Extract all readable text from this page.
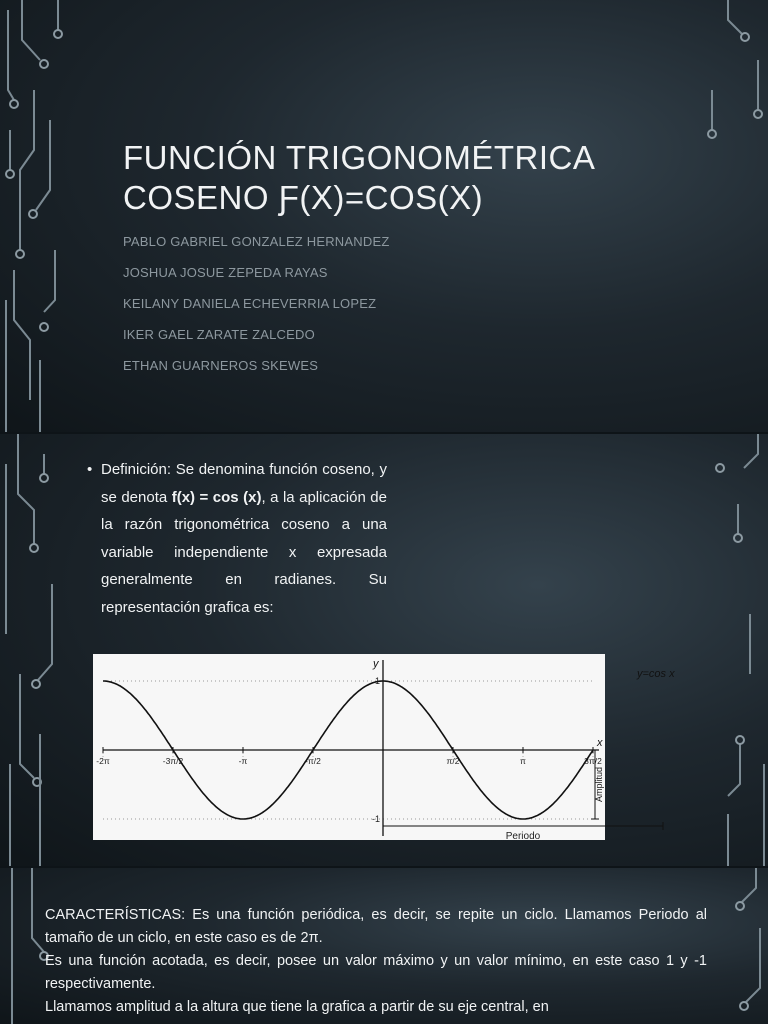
FUNCIÓN TRIGONOMÉTRICA
COSENO Ƒ(X)=COS(X)
PABLO GABRIEL GONZALEZ HERNANDEZ
JOSHUA JOSUE ZEPEDA RAYAS
KEILANY DANIELA ECHEVERRIA LOPEZ
IKER GAEL ZARATE ZALCEDO
ETHAN GUARNEROS SKEWES
• Definición: Se denomina función coseno, y se denota f(x) = cos (x), a la aplicación de la razón trigonométrica coseno a una variable independiente x expresada generalmente en radianes. Su representación grafica es:

x
y
-2π	-3π/2	-π	-π/2	π/2	π	3π/2
1
-1
y=cos x
Amplitud
Periodo

CARACTERÍSTICAS: Es una función periódica, es decir, se repite un ciclo. Llamamos Periodo al tamaño de un ciclo, en este caso es de 2π.

Es una función acotada, es decir, posee un valor máximo y un valor mínimo, en este caso 1 y -1 respectivamente.

Llamamos amplitud a la altura que tiene la grafica a partir de su eje central, en
